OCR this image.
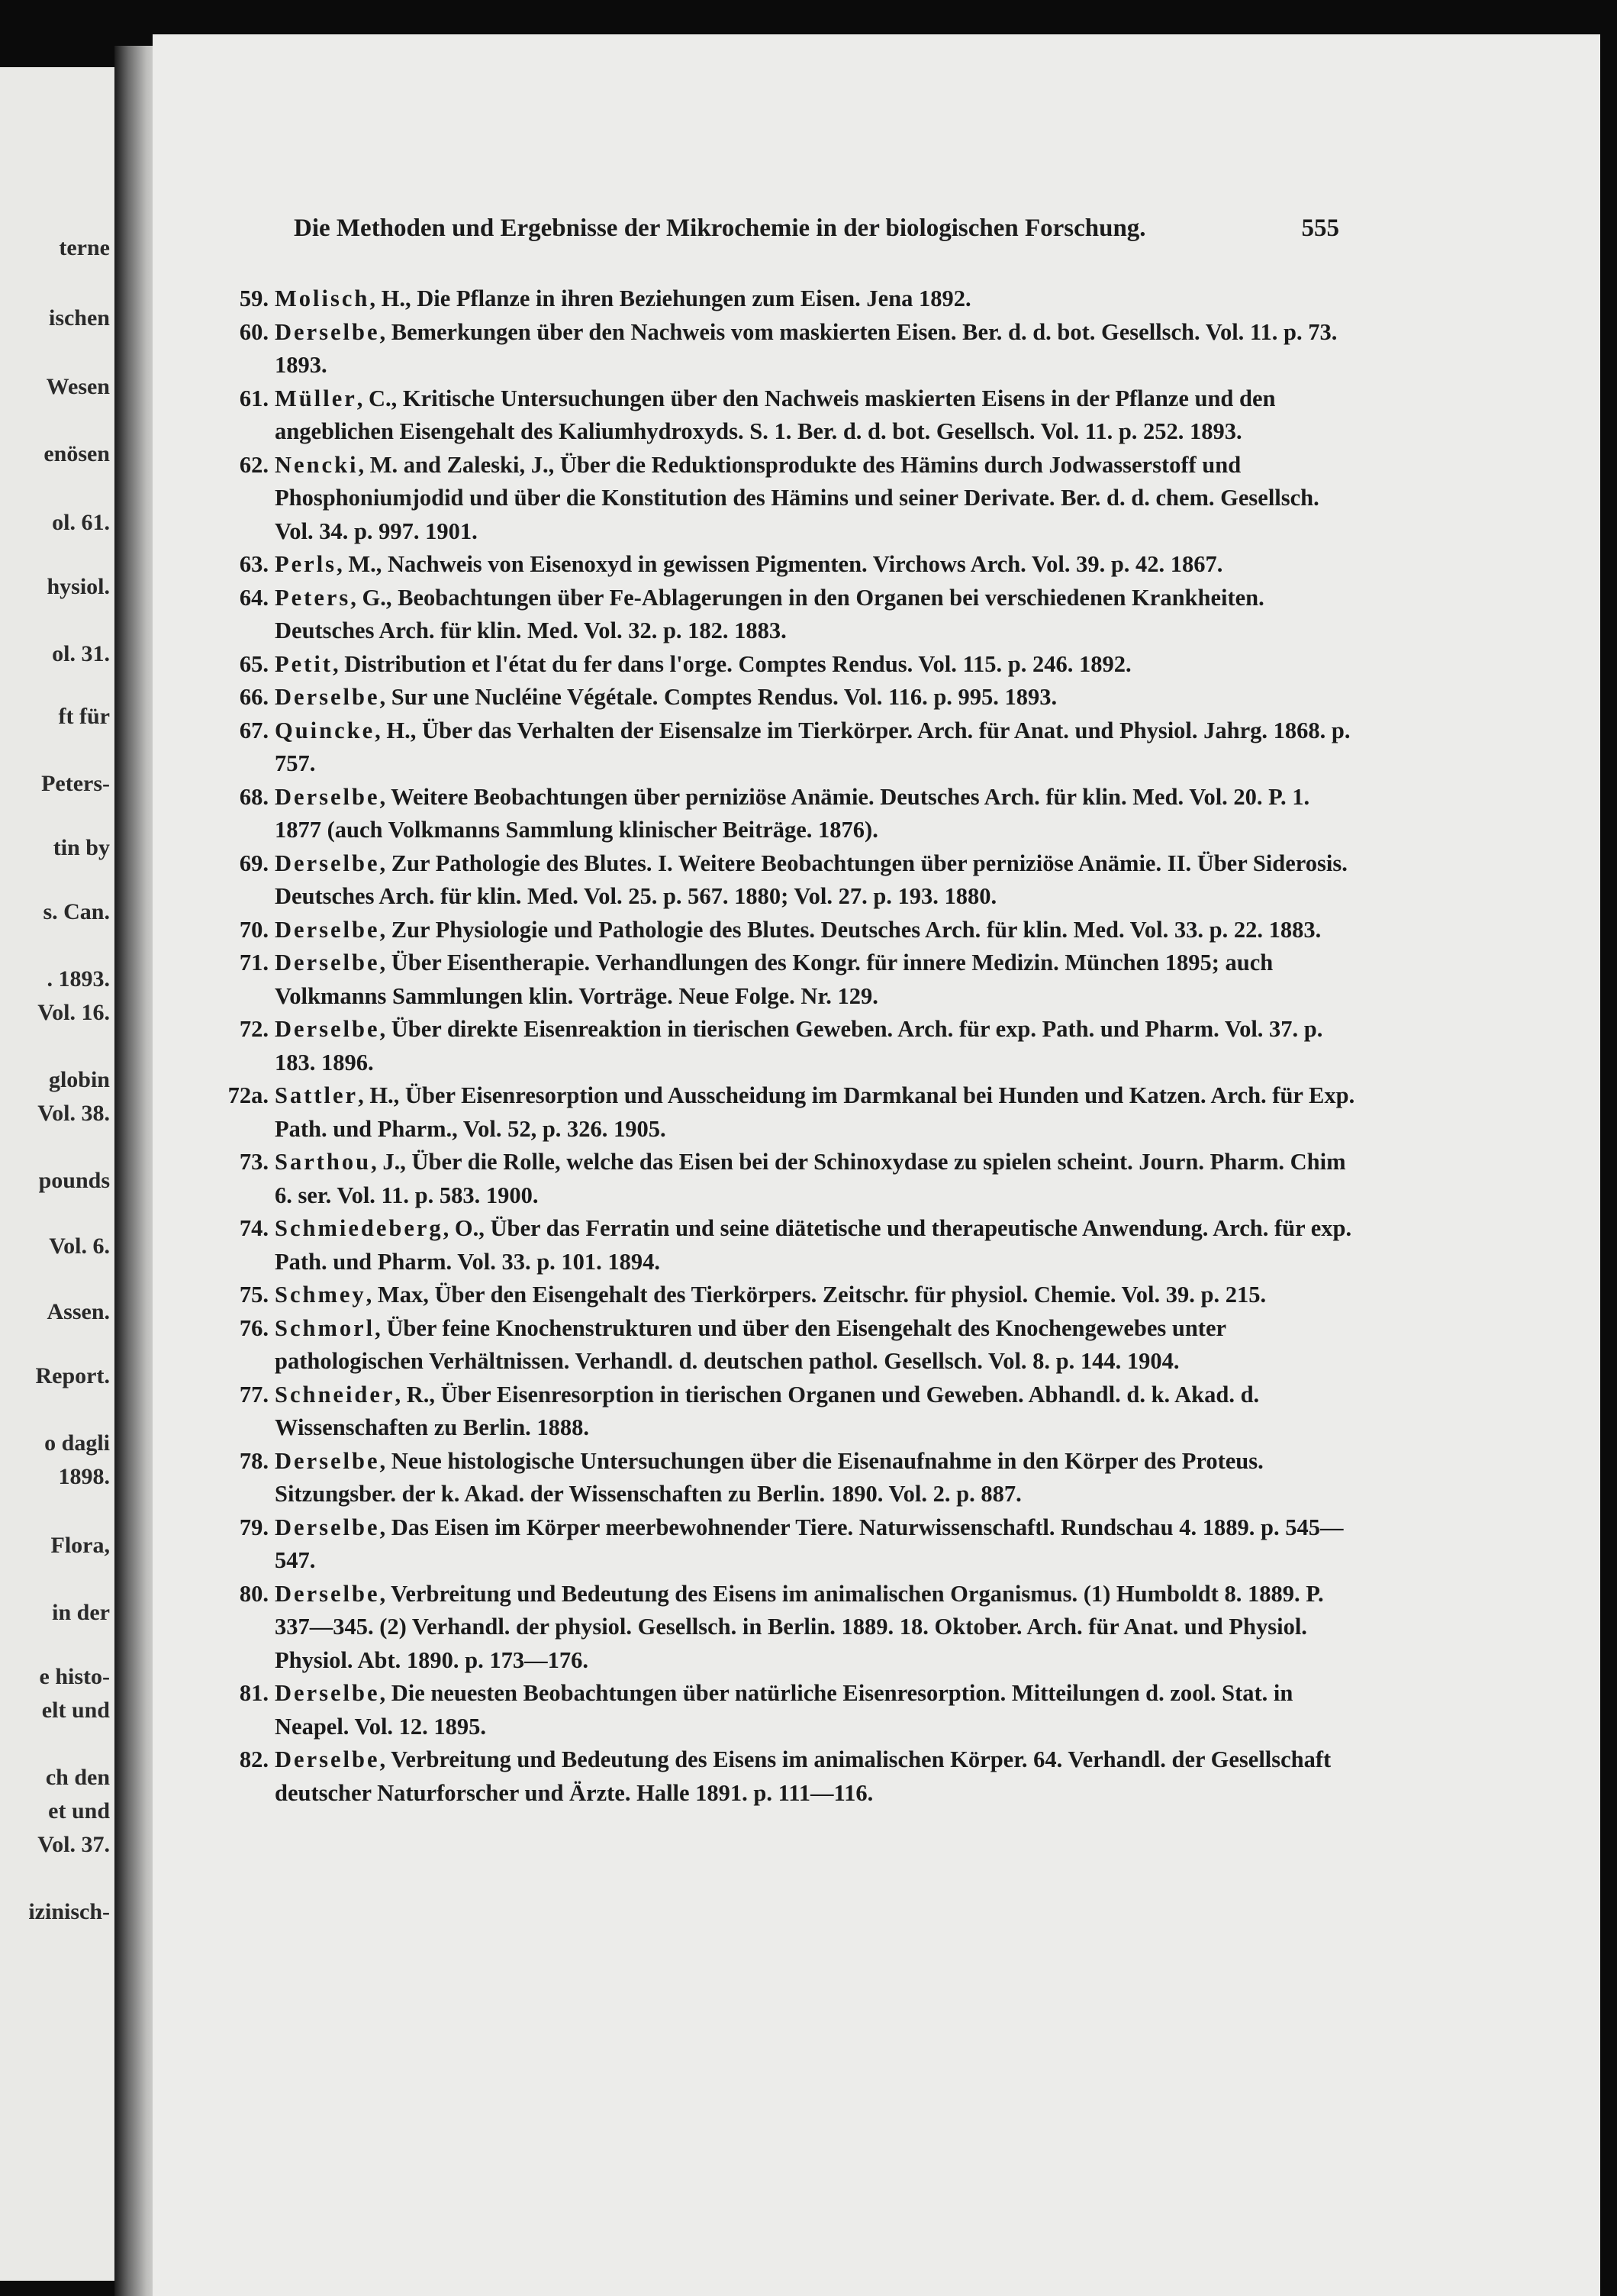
terne
ischen
Wesen
enösen
ol. 61.
hysiol.
ol. 31.
ft für
Peters-
tin by
s. Can.
. 1893.
Vol. 16.
globin
Vol. 38.
pounds
Vol. 6.
Assen.
Report.
o dagli
1898.
Flora,
in der
e histo-
elt und
ch den
et und
Vol. 37.
izinisch-
Die Methoden und Ergebnisse der Mikrochemie in der biologischen Forschung.	555
59. Molisch, H., Die Pflanze in ihren Beziehungen zum Eisen. Jena 1892.
60. Derselbe, Bemerkungen über den Nachweis vom maskierten Eisen. Ber. d. d. bot. Gesellsch. Vol. 11. p. 73. 1893.
61. Müller, C., Kritische Untersuchungen über den Nachweis maskierten Eisens in der Pflanze und den angeblichen Eisengehalt des Kaliumhydroxyds. S. 1. Ber. d. d. bot. Gesellsch. Vol. 11. p. 252. 1893.
62. Nencki, M. and Zaleski, J., Über die Reduktionsprodukte des Hämins durch Jodwasserstoff und Phosphoniumjodid und über die Konstitution des Hämins und seiner Derivate. Ber. d. d. chem. Gesellsch. Vol. 34. p. 997. 1901.
63. Perls, M., Nachweis von Eisenoxyd in gewissen Pigmenten. Virchows Arch. Vol. 39. p. 42. 1867.
64. Peters, G., Beobachtungen über Fe-Ablagerungen in den Organen bei verschiedenen Krankheiten. Deutsches Arch. für klin. Med. Vol. 32. p. 182. 1883.
65. Petit, Distribution et l'état du fer dans l'orge. Comptes Rendus. Vol. 115. p. 246. 1892.
66. Derselbe, Sur une Nucléine Végétale. Comptes Rendus. Vol. 116. p. 995. 1893.
67. Quincke, H., Über das Verhalten der Eisensalze im Tierkörper. Arch. für Anat. und Physiol. Jahrg. 1868. p. 757.
68. Derselbe, Weitere Beobachtungen über perniziöse Anämie. Deutsches Arch. für klin. Med. Vol. 20. P. 1. 1877 (auch Volkmanns Sammlung klinischer Beiträge. 1876).
69. Derselbe, Zur Pathologie des Blutes. I. Weitere Beobachtungen über perniziöse Anämie. II. Über Siderosis. Deutsches Arch. für klin. Med. Vol. 25. p. 567. 1880; Vol. 27. p. 193. 1880.
70. Derselbe, Zur Physiologie und Pathologie des Blutes. Deutsches Arch. für klin. Med. Vol. 33. p. 22. 1883.
71. Derselbe, Über Eisentherapie. Verhandlungen des Kongr. für innere Medizin. München 1895; auch Volkmanns Sammlungen klin. Vorträge. Neue Folge. Nr. 129.
72. Derselbe, Über direkte Eisenreaktion in tierischen Geweben. Arch. für exp. Path. und Pharm. Vol. 37. p. 183. 1896.
72a. Sattler, H., Über Eisenresorption und Ausscheidung im Darmkanal bei Hunden und Katzen. Arch. für Exp. Path. und Pharm., Vol. 52, p. 326. 1905.
73. Sarthou, J., Über die Rolle, welche das Eisen bei der Schinoxydase zu spielen scheint. Journ. Pharm. Chim 6. ser. Vol. 11. p. 583. 1900.
74. Schmiedeberg, O., Über das Ferratin und seine diätetische und therapeutische Anwendung. Arch. für exp. Path. und Pharm. Vol. 33. p. 101. 1894.
75. Schmey, Max, Über den Eisengehalt des Tierkörpers. Zeitschr. für physiol. Chemie. Vol. 39. p. 215.
76. Schmorl, Über feine Knochenstrukturen und über den Eisengehalt des Knochengewebes unter pathologischen Verhältnissen. Verhandl. d. deutschen pathol. Gesellsch. Vol. 8. p. 144. 1904.
77. Schneider, R., Über Eisenresorption in tierischen Organen und Geweben. Abhandl. d. k. Akad. d. Wissenschaften zu Berlin. 1888.
78. Derselbe, Neue histologische Untersuchungen über die Eisenaufnahme in den Körper des Proteus. Sitzungsber. der k. Akad. der Wissenschaften zu Berlin. 1890. Vol. 2. p. 887.
79. Derselbe, Das Eisen im Körper meerbewohnender Tiere. Naturwissenschaftl. Rundschau 4. 1889. p. 545—547.
80. Derselbe, Verbreitung und Bedeutung des Eisens im animalischen Organismus. (1) Humboldt 8. 1889. P. 337—345. (2) Verhandl. der physiol. Gesellsch. in Berlin. 1889. 18. Oktober. Arch. für Anat. und Physiol. Physiol. Abt. 1890. p. 173—176.
81. Derselbe, Die neuesten Beobachtungen über natürliche Eisenresorption. Mitteilungen d. zool. Stat. in Neapel. Vol. 12. 1895.
82. Derselbe, Verbreitung und Bedeutung des Eisens im animalischen Körper. 64. Verhandl. der Gesellschaft deutscher Naturforscher und Ärzte. Halle 1891. p. 111—116.
